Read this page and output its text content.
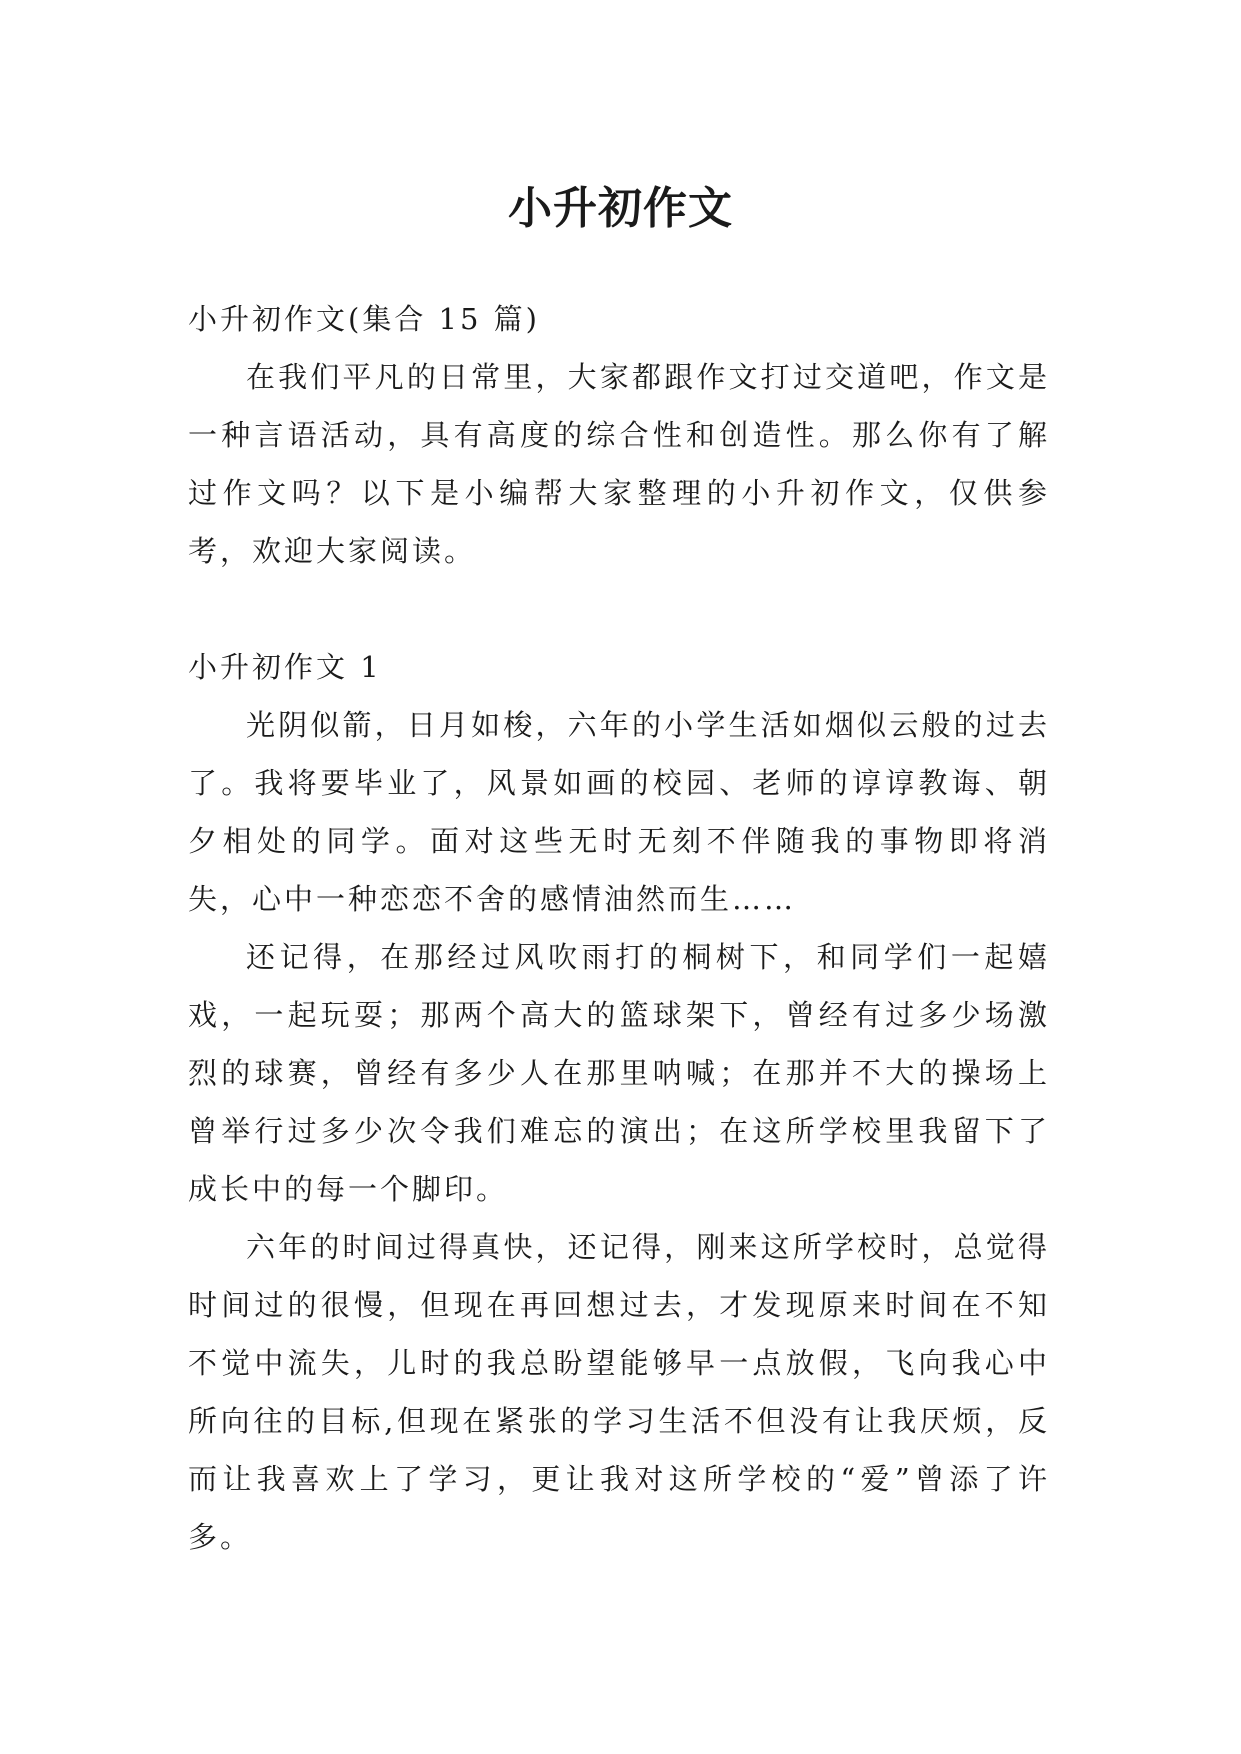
小升初作文

小升初作文(集合 15 篇)

在我们平凡的日常里，大家都跟作文打过交道吧，作文是一种言语活动，具有高度的综合性和创造性。那么你有了解过作文吗？以下是小编帮大家整理的小升初作文，仅供参考，欢迎大家阅读。

小升初作文 1

光阴似箭，日月如梭，六年的小学生活如烟似云般的过去了。我将要毕业了，风景如画的校园、老师的谆谆教诲、朝夕相处的同学。面对这些无时无刻不伴随我的事物即将消失，心中一种恋恋不舍的感情油然而生……

还记得，在那经过风吹雨打的桐树下，和同学们一起嬉戏，一起玩耍；那两个高大的篮球架下，曾经有过多少场激烈的球赛，曾经有多少人在那里呐喊；在那并不大的操场上曾举行过多少次令我们难忘的演出；在这所学校里我留下了成长中的每一个脚印。

六年的时间过得真快，还记得，刚来这所学校时，总觉得时间过的很慢，但现在再回想过去，才发现原来时间在不知不觉中流失，儿时的我总盼望能够早一点放假，飞向我心中所向往的目标,但现在紧张的学习生活不但没有让我厌烦，反而让我喜欢上了学习，更让我对这所学校的“爱”曾添了许多。
